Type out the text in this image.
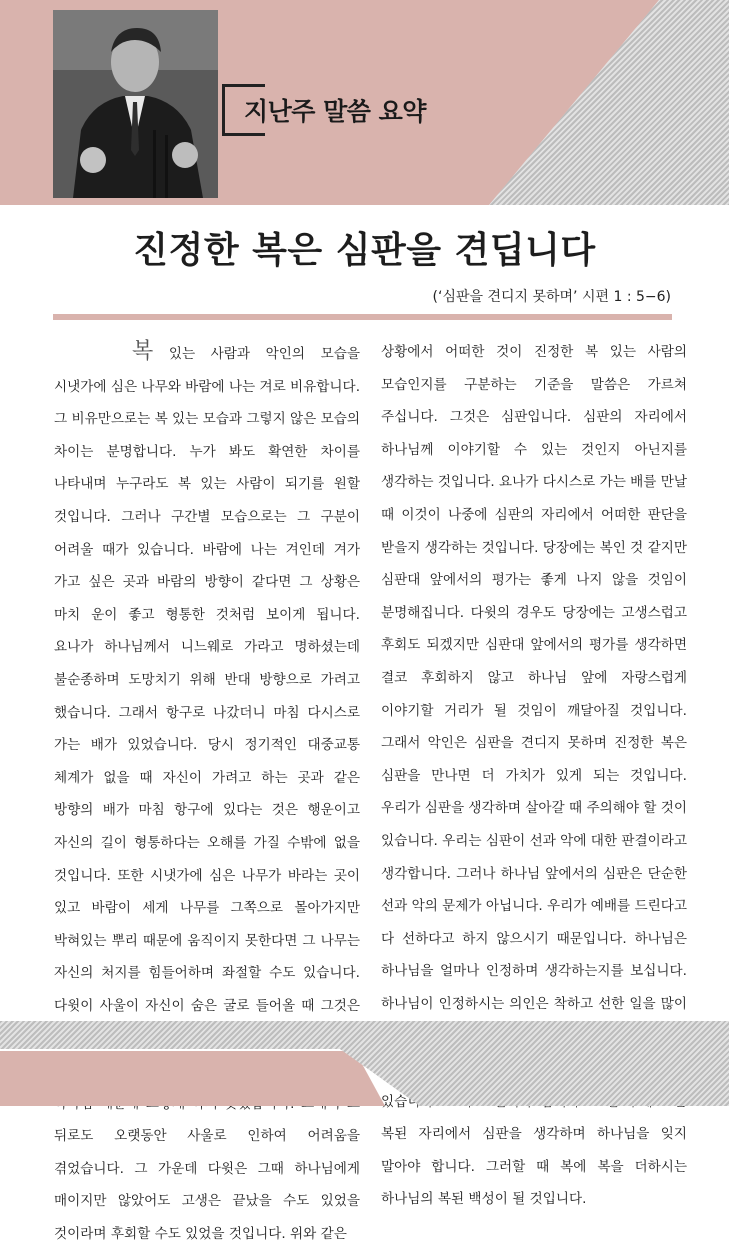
지난주 말씀 요약
진정한 복은 심판을 견딥니다
(‘심판을 견디지 못하며’ 시편 1 : 5−6)

복 있는 사람과 악인의 모습을 시냇가에 심은 나무와 바람에 나는 겨로 비유합니다. 그 비유만으로는 복 있는 모습과 그렇지 않은 모습의 차이는 분명합니다. 누가 봐도 확연한 차이를 나타내며 누구라도 복 있는 사람이 되기를 원할 것입니다. 그러나 구간별 모습으로는 그 구분이 어려울 때가 있습니다. 바람에 나는 겨인데 겨가 가고 싶은 곳과 바람의 방향이 같다면 그 상황은 마치 운이 좋고 형통한 것처럼 보이게 됩니다. 요나가 하나님께서 니느웨로 가라고 명하셨는데 불순종하며 도망치기 위해 반대 방향으로 가려고 했습니다. 그래서 항구로 나갔더니 마침 다시스로 가는 배가 있었습니다. 당시 정기적인 대중교통 체계가 없을 때 자신이 가려고 하는 곳과 같은 방향의 배가 마침 항구에 있다는 것은 행운이고 자신의 길이 형통하다는 오해를 가질 수밖에 없을 것입니다. 또한 시냇가에 심은 나무가 바라는 곳이 있고 바람이 세게 나무를 그쪽으로 몰아가지만 박혀있는 뿌리 때문에 움직이지 못한다면 그 나무는 자신의 처지를 힘들어하며 좌절할 수도 있습니다. 다윗이 사울이 자신이 숨은 굴로 들어올 때 그것은 뒤로도 오랫동안 사울로 인하여 어려움을 겪었습니다. 그 가운데 다윗은 그때 하나님에게 매이지만 않았어도 고생은 끝났을 수도 있었을 것이라며 후회할 수도 있었을 것입니다. 위와 같은

상황에서 어떠한 것이 진정한 복 있는 사람의 모습인지를 구분하는 기준을 말씀은 가르쳐 주십니다. 그것은 심판입니다. 심판의 자리에서 하나님께 이야기할 수 있는 것인지 아닌지를 생각하는 것입니다. 요나가 다시스로 가는 배를 만날 때 이것이 나중에 심판의 자리에서 어떠한 판단을 받을지 생각하는 것입니다. 당장에는 복인 것 같지만 심판대 앞에서의 평가는 좋게 나지 않을 것임이 분명해집니다. 다윗의 경우도 당장에는 고생스럽고 후회도 되겠지만 심판대 앞에서의 평가를 생각하면 결코 후회하지 않고 하나님 앞에 자랑스럽게 이야기할 거리가 될 것임이 깨달아질 것입니다. 그래서 악인은 심판을 견디지 못하며 진정한 복은 심판을 만나면 더 가치가 있게 되는 것입니다. 우리가 심판을 생각하며 살아갈 때 주의해야 할 것이 있습니다. 우리는 심판이 선과 악에 대한 판결이라고 생각합니다. 그러나 하나님 앞에서의 심판은 단순한 선과 악의 문제가 아닙니다. 우리가 예배를 드린다고 다 선하다고 하지 않으시기 때문입니다. 하나님은 하나님을 얼마나 인정하며 생각하는지를 보십니다. 하나님이 인정하시는 의인은 착하고 선한 일을 많이 있습니다. 복된 자리에서 심판을 생각하며 하나님을 잊지 말아야 합니다. 그러할 때 복에 복을 더하시는 하나님의 복된 백성이 될 것입니다.
